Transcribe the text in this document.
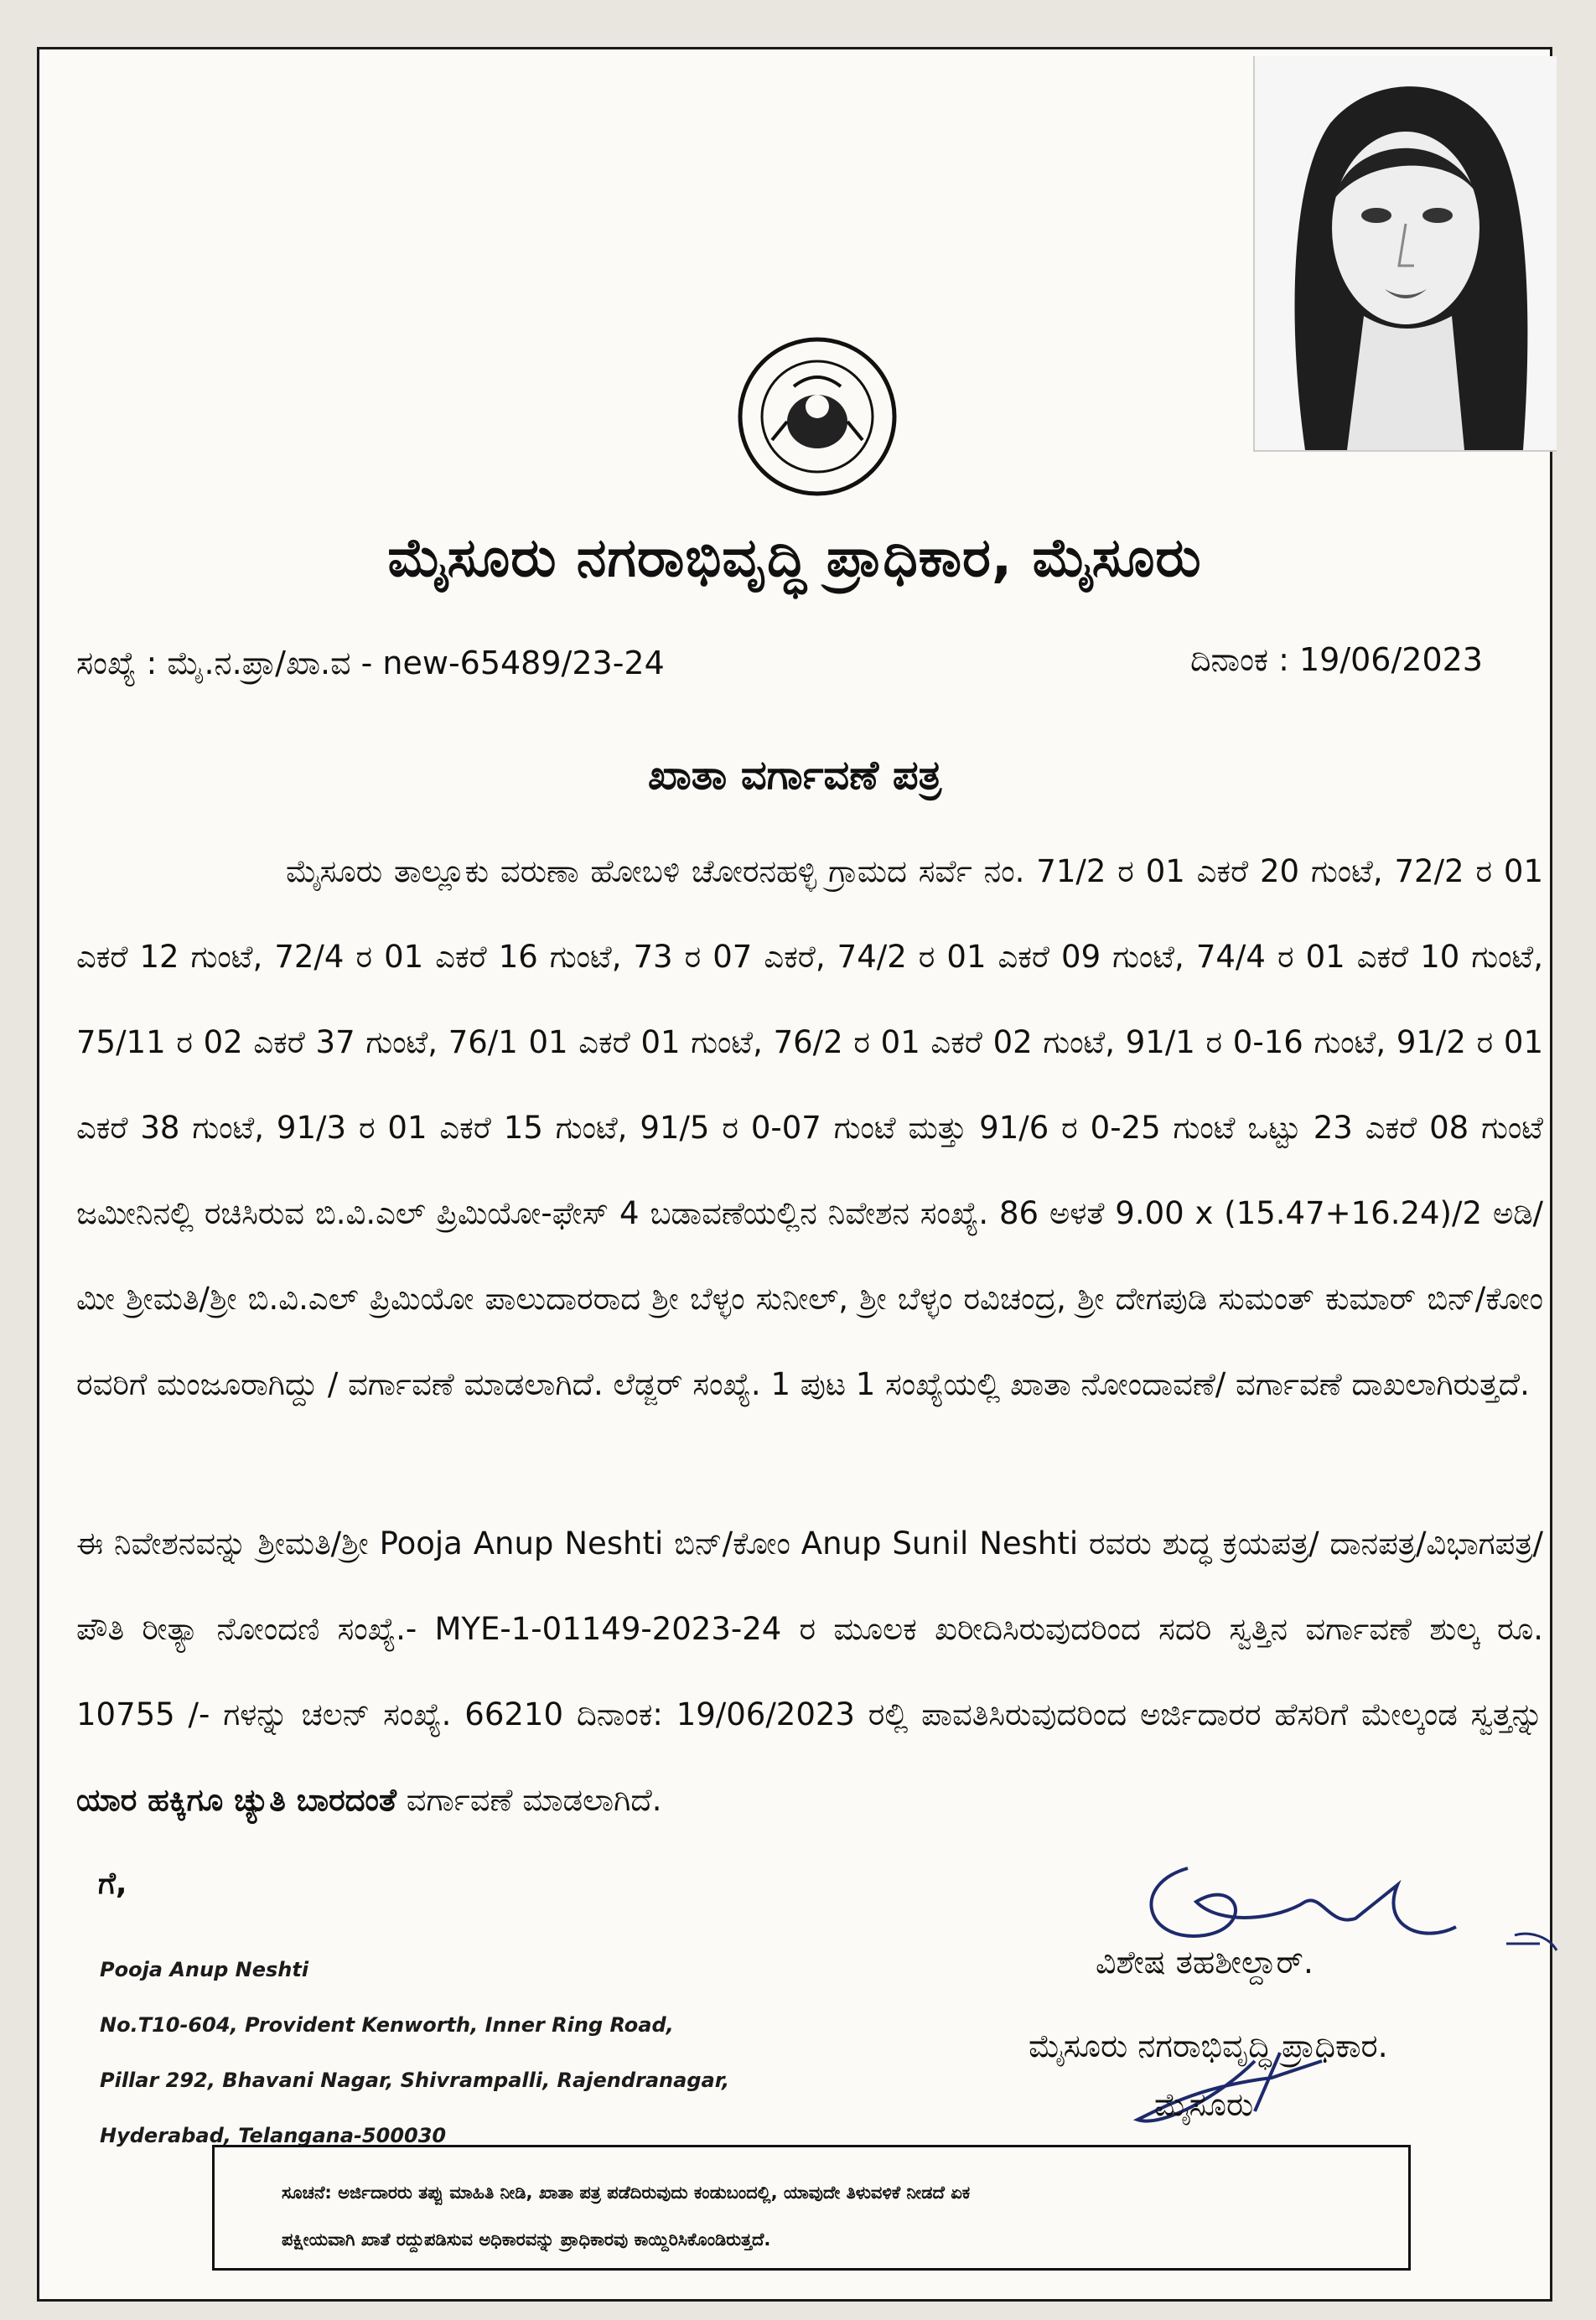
ಮೈಸೂರು ನಗರಾಭಿವೃದ್ಧಿ ಪ್ರಾಧಿಕಾರ, ಮೈಸೂರು
ಸಂಖ್ಯೆ : ಮೈ.ನ.ಪ್ರಾ/ಖಾ.ವ - new-65489/23-24	ದಿನಾಂಕ : 19/06/2023
ಖಾತಾ ವರ್ಗಾವಣೆ ಪತ್ರ
ಮೈಸೂರು ತಾಲ್ಲೂಕು ವರುಣಾ ಹೋಬಳಿ ಚೋರನಹಳ್ಳಿ ಗ್ರಾಮದ ಸರ್ವೆ ನಂ. 71/2 ರ 01 ಎಕರೆ 20 ಗುಂಟೆ, 72/2 ರ 01 ಎಕರೆ 12 ಗುಂಟೆ, 72/4 ರ 01 ಎಕರೆ 16 ಗುಂಟೆ, 73 ರ 07 ಎಕರೆ, 74/2 ರ 01 ಎಕರೆ 09 ಗುಂಟೆ, 74/4 ರ 01 ಎಕರೆ 10 ಗುಂಟೆ, 75/11 ರ 02 ಎಕರೆ 37 ಗುಂಟೆ, 76/1 01 ಎಕರೆ 01 ಗುಂಟೆ, 76/2 ರ 01 ಎಕರೆ 02 ಗುಂಟೆ, 91/1 ರ 0-16 ಗುಂಟೆ, 91/2 ರ 01 ಎಕರೆ 38 ಗುಂಟೆ, 91/3 ರ 01 ಎಕರೆ 15 ಗುಂಟೆ, 91/5 ರ 0-07 ಗುಂಟೆ ಮತ್ತು 91/6 ರ 0-25 ಗುಂಟೆ ಒಟ್ಟು 23 ಎಕರೆ 08 ಗುಂಟೆ ಜಮೀನಿನಲ್ಲಿ ರಚಿಸಿರುವ ಬಿ.ವಿ.ಎಲ್ ಪ್ರಿಮಿಯೋ-ಫೇಸ್ 4 ಬಡಾವಣೆಯಲ್ಲಿನ ನಿವೇಶನ ಸಂಖ್ಯೆ. 86 ಅಳತೆ 9.00 x (15.47+16.24)/2 ಅಡಿ/ಮೀ ಶ್ರೀಮತಿ/ಶ್ರೀ ಬಿ.ವಿ.ಎಲ್ ಪ್ರಿಮಿಯೋ ಪಾಲುದಾರರಾದ ಶ್ರೀ ಬೆಳ್ಳಂ ಸುನೀಲ್, ಶ್ರೀ ಬೆಳ್ಳಂ ರವಿಚಂದ್ರ, ಶ್ರೀ ದೇಗಪುಡಿ ಸುಮಂತ್ ಕುಮಾರ್ ಬಿನ್/ಕೋಂ ರವರಿಗೆ ಮಂಜೂರಾಗಿದ್ದು / ವರ್ಗಾವಣೆ ಮಾಡಲಾಗಿದೆ. ಲೆಡ್ಜರ್ ಸಂಖ್ಯೆ. 1 ಪುಟ 1 ಸಂಖ್ಯೆಯಲ್ಲಿ ಖಾತಾ ನೋಂದಾವಣೆ/ ವರ್ಗಾವಣೆ ದಾಖಲಾಗಿರುತ್ತದೆ.
ಈ ನಿವೇಶನವನ್ನು ಶ್ರೀಮತಿ/ಶ್ರೀ Pooja Anup Neshti ಬಿನ್/ಕೋಂ Anup Sunil Neshti ರವರು ಶುದ್ಧ ಕ್ರಯಪತ್ರ/ ದಾನಪತ್ರ/ವಿಭಾಗಪತ್ರ/ಪೌತಿ ರೀತ್ಯಾ ನೋಂದಣಿ ಸಂಖ್ಯೆ.- MYE-1-01149-2023-24 ರ ಮೂಲಕ ಖರೀದಿಸಿರುವುದರಿಂದ ಸದರಿ ಸ್ವತ್ತಿನ ವರ್ಗಾವಣೆ ಶುಲ್ಕ ರೂ. 10755 /- ಗಳನ್ನು ಚಲನ್ ಸಂಖ್ಯೆ. 66210 ದಿನಾಂಕ: 19/06/2023 ರಲ್ಲಿ ಪಾವತಿಸಿರುವುದರಿಂದ ಅರ್ಜಿದಾರರ ಹೆಸರಿಗೆ ಮೇಲ್ಕಂಡ ಸ್ವತ್ತನ್ನು ಯಾರ ಹಕ್ಕಿಗೂ ಚ್ಯುತಿ ಬಾರದಂತೆ ವರ್ಗಾವಣೆ ಮಾಡಲಾಗಿದೆ.
ಗೆ,
Pooja Anup Neshti
No.T10-604, Provident Kenworth, Inner Ring Road,
Pillar 292, Bhavani Nagar, Shivrampalli, Rajendranagar,
Hyderabad, Telangana-500030
ವಿಶೇಷ ತಹಶೀಲ್ದಾರ್.
ಮೈಸೂರು ನಗರಾಭಿವೃದ್ಧಿ ಪ್ರಾಧಿಕಾರ.
ಮೈಸೂರು
ಸೂಚನೆ: ಅರ್ಜಿದಾರರು ತಪ್ಪು ಮಾಹಿತಿ ನೀಡಿ, ಖಾತಾ ಪತ್ರ ಪಡೆದಿರುವುದು ಕಂಡುಬಂದಲ್ಲಿ, ಯಾವುದೇ ತಿಳುವಳಿಕೆ ನೀಡದೆ ಏಕ
ಪಕ್ಷೀಯವಾಗಿ ಖಾತೆ ರದ್ದುಪಡಿಸುವ ಅಧಿಕಾರವನ್ನು ಪ್ರಾಧಿಕಾರವು ಕಾಯ್ದಿರಿಸಿಕೊಂಡಿರುತ್ತದೆ.
